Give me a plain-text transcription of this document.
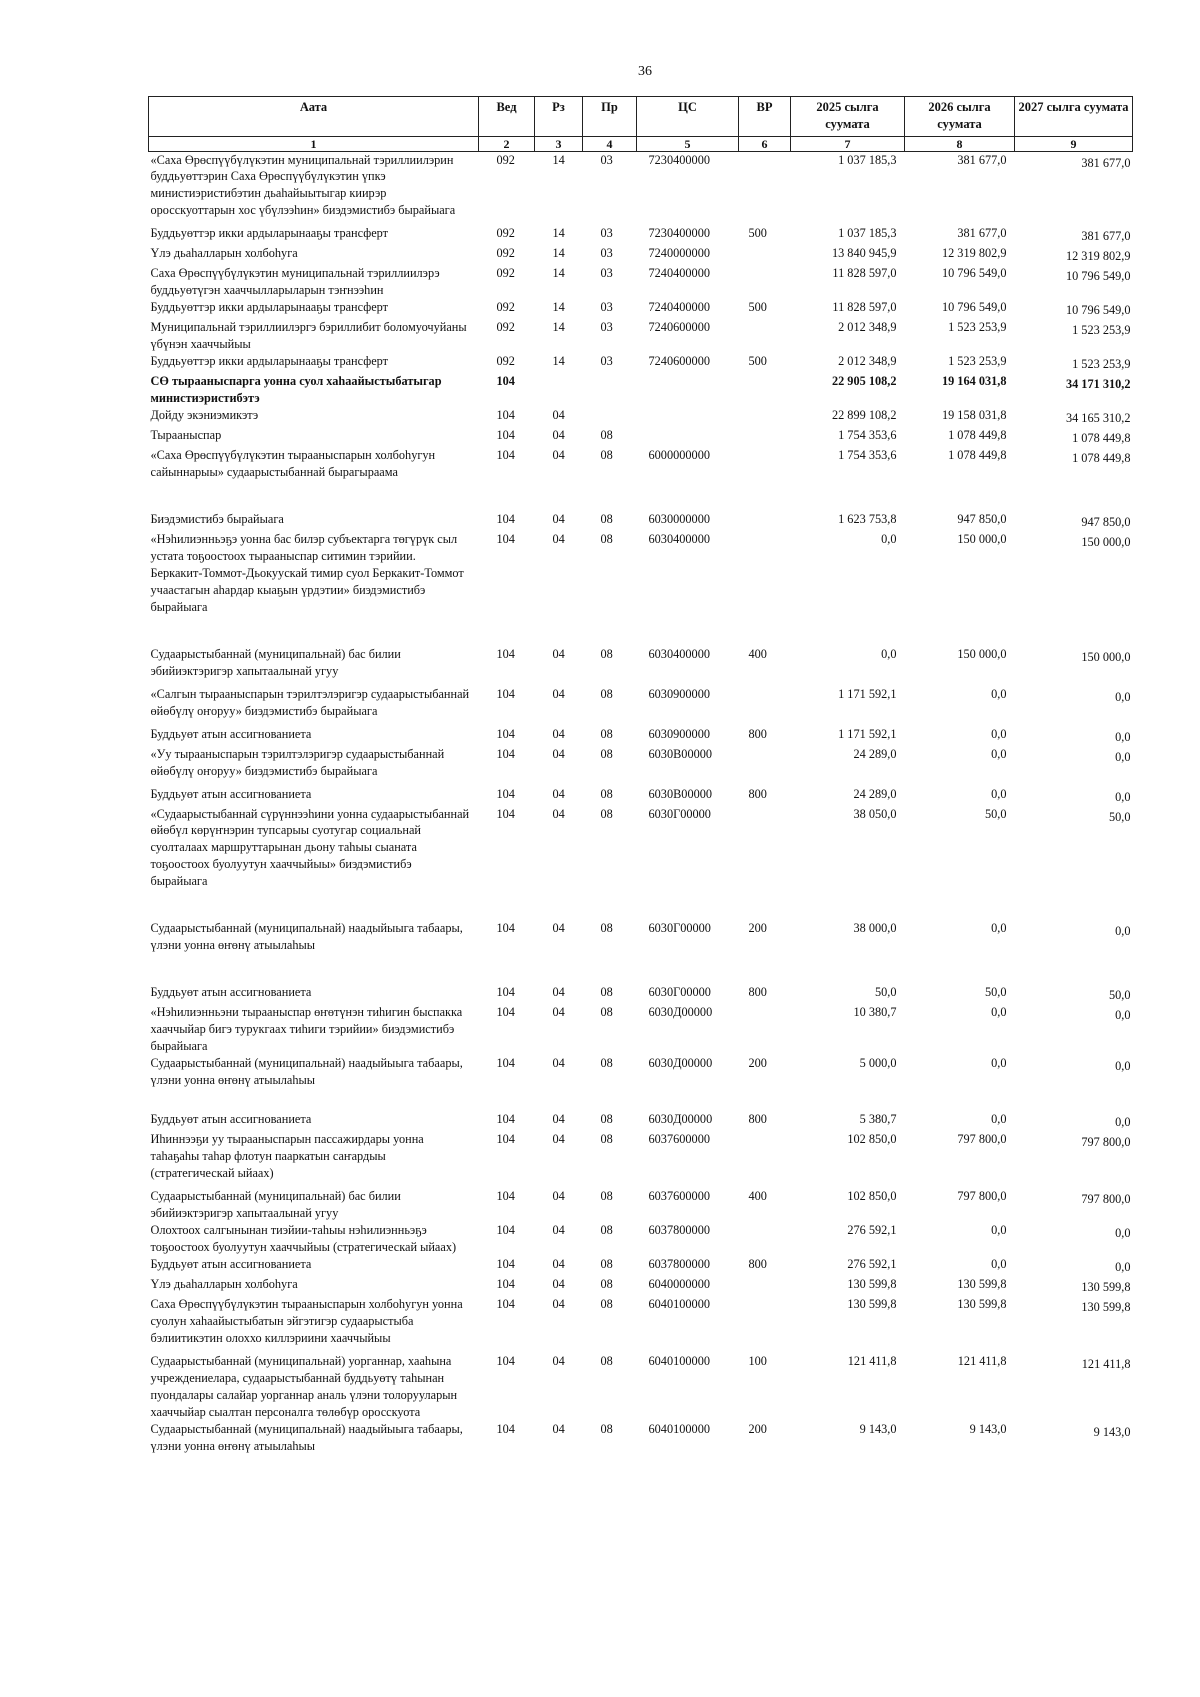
36
Аата	Вед	Рз	Пр	ЦС	ВР	2025 сылга суумата	2026 сылга суумата	2027 сылга суумата
1	2	3	4	5	6	7	8	9
«Саха Өрөспүүбүлүкэтин муниципальнай тэриллиилэрин буддьуөттэрин Саха Өрөспүүбүлүкэтин үпкэ министиэристибэтин дьаһайыытыгар киирэр оросскуоттарын хос үбүлээһин» биэдэмистибэ бырайыага	092	14	03	7230400000		1 037 185,3	381 677,0	381 677,0
Буддьуөттэр икки ардыларынааҕы трансферт	092	14	03	7230400000	500	1 037 185,3	381 677,0	381 677,0
Үлэ дьаһалларын холбоһуга	092	14	03	7240000000		13 840 945,9	12 319 802,9	12 319 802,9
Саха Өрөспүүбүлүкэтин муниципальнай тэриллиилэрэ буддьуөтүгэн хааччылларыларын тэҥнээһин	092	14	03	7240400000		11 828 597,0	10 796 549,0	10 796 549,0
Буддьуөттэр икки ардыларынааҕы трансферт	092	14	03	7240400000	500	11 828 597,0	10 796 549,0	10 796 549,0
Муниципальнай тэриллиилэргэ бэриллибит боломуочуйаны үбүнэн хааччыйыы	092	14	03	7240600000		2 012 348,9	1 523 253,9	1 523 253,9
Буддьуөттэр икки ардыларынааҕы трансферт	092	14	03	7240600000	500	2 012 348,9	1 523 253,9	1 523 253,9
СӨ тырааныспарга уонна суол хаһаайыстыбатыгар министиэристибэтэ	104					22 905 108,2	19 164 031,8	34 171 310,2
Дойду экэниэмикэтэ	104	04				22 899 108,2	19 158 031,8	34 165 310,2
Тырааныспар	104	04	08			1 754 353,6	1 078 449,8	1 078 449,8
«Саха Өрөспүүбүлүкэтин тырааныспарын холбоһугун сайыннарыы» судаарыстыбаннай бырагыраама	104	04	08	6000000000		1 754 353,6	1 078 449,8	1 078 449,8
Биэдэмистибэ бырайыага	104	04	08	6030000000		1 623 753,8	947 850,0	947 850,0
«Нэһилиэнньэҕэ уонна бас билэр субъектарга төгүрүк сыл устата тоҕоостоох тырааныспар ситимин тэрийии. Беркакит-Томмот-Дьокуускай тимир суол Беркакит-Томмот учаастагын аһардар кыаҕын үрдэтии» биэдэмистибэ бырайыага	104	04	08	6030400000		0,0	150 000,0	150 000,0
Судаарыстыбаннай (муниципальнай) бас билии эбийиэктэригэр хапытаалынай угуу	104	04	08	6030400000	400	0,0	150 000,0	150 000,0
«Салгын тырааныспарын тэрилтэлэригэр судаарыстыбаннай өйөбүлү оҥоруу» биэдэмистибэ бырайыага	104	04	08	6030900000		1 171 592,1	0,0	0,0
Буддьуөт атын ассигнованиета	104	04	08	6030900000	800	1 171 592,1	0,0	0,0
«Уу тырааныспарын тэрилтэлэригэр судаарыстыбаннай өйөбүлү оҥоруу» биэдэмистибэ бырайыага	104	04	08	6030В00000		24 289,0	0,0	0,0
Буддьуөт атын ассигнованиета	104	04	08	6030В00000	800	24 289,0	0,0	0,0
«Судаарыстыбаннай сүрүннээһини уонна судаарыстыбаннай өйөбүл көрүҥнэрин тупсарыы суотугар социальнай суолталаах маршруттарынан дьону таһыы сыаната тоҕоостоох буолуутун хааччыйыы» биэдэмистибэ бырайыага	104	04	08	6030Г00000		38 050,0	50,0	50,0
Судаарыстыбаннай (муниципальнай) наадыйыыга табаары, үлэни уонна өҥөнү атыылаһыы	104	04	08	6030Г00000	200	38 000,0	0,0	0,0
Буддьуөт атын ассигнованиета	104	04	08	6030Г00000	800	50,0	50,0	50,0
«Нэһилиэнньэни тырааныспар өҥөтүнэн тиһигин быспакка хааччыйар бигэ турукгаах тиһиги тэрийии» биэдэмистибэ бырайыага	104	04	08	6030Д00000		10 380,7	0,0	0,0
Судаарыстыбаннай (муниципальнай) наадыйыыга табаары, үлэни уонна өҥөнү атыылаһыы	104	04	08	6030Д00000	200	5 000,0	0,0	0,0
Буддьуөт атын ассигнованиета	104	04	08	6030Д00000	800	5 380,7	0,0	0,0
Иһиннээҕи уу тырааныспарын пассажирдары уонна таһаҕаһы таһар флотун пааркатын саҥардыы (стратегическай ыйаах)	104	04	08	6037600000		102 850,0	797 800,0	797 800,0
Судаарыстыбаннай (муниципальнай) бас билии эбийиэктэригэр хапытаалынай угуу	104	04	08	6037600000	400	102 850,0	797 800,0	797 800,0
Олохтоох салгынынан тиэйии-таһыы нэһилиэнньэҕэ тоҕоостоох буолуутун хааччыйыы (стратегическай ыйаах)	104	04	08	6037800000		276 592,1	0,0	0,0
Буддьуөт атын ассигнованиета	104	04	08	6037800000	800	276 592,1	0,0	0,0
Үлэ дьаһалларын холбоһуга	104	04	08	6040000000		130 599,8	130 599,8	130 599,8
Саха Өрөспүүбүлүкэтин тырааныспарын холбоһугун уонна суолун хаһаайыстыбатын эйгэтигэр судаарыстыба бэлиитикэтин олоххо киллэриини хааччыйыы	104	04	08	6040100000		130 599,8	130 599,8	130 599,8
Судаарыстыбаннай (муниципальнай) уорганнар, хааһына учреждениелара, судаарыстыбаннай буддьуөтү таһынан пуондалары салайар уорганнар аналь үлэни толорууларын хааччыйар сыалтан персоналга төлөбүр оросскуота	104	04	08	6040100000	100	121 411,8	121 411,8	121 411,8
Судаарыстыбаннай (муниципальнай) наадыйыыга табаары, үлэни уонна өҥөнү атыылаһыы	104	04	08	6040100000	200	9 143,0	9 143,0	9 143,0
